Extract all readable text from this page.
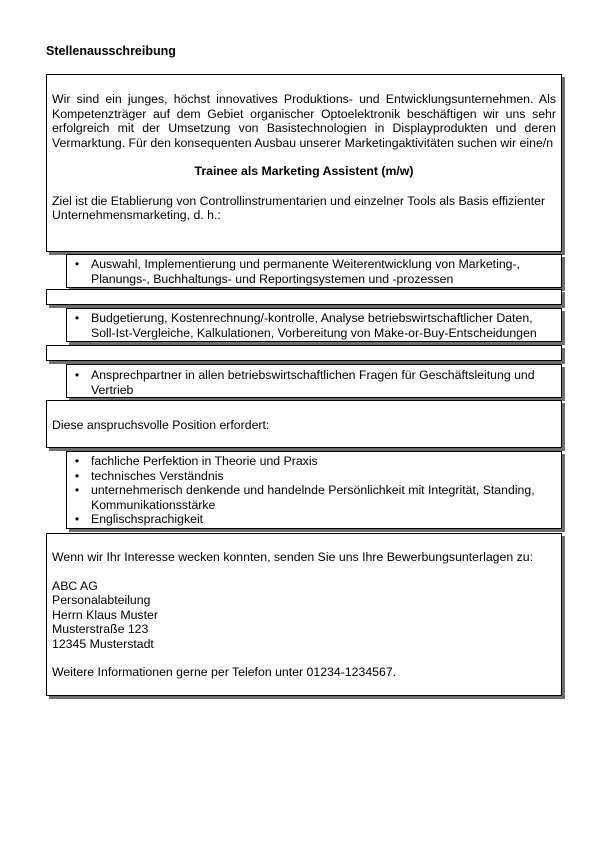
Stellenausschreibung

Wir sind ein junges, höchst innovatives Produktions- und Entwicklungsunternehmen. Als Kompetenzträger auf dem Gebiet organischer Optoelektronik beschäftigen wir uns sehr erfolgreich mit der Umsetzung von Basistechnologien in Displayprodukten und deren Vermarktung. Für den konsequenten Ausbau unserer Marketingaktivitäten suchen wir eine/n

Trainee als Marketing Assistent (m/w)

Ziel ist die Etablierung von Controllinstrumentarien und einzelner Tools als Basis effizienter Unternehmensmarketing, d. h.:

• Auswahl, Implementierung und permanente Weiterentwicklung von Marketing-, Planungs-, Buchhaltungs- und Reportingsystemen und -prozessen
• Budgetierung, Kostenrechnung/-kontrolle, Analyse betriebswirtschaftlicher Daten, Soll-Ist-Vergleiche, Kalkulationen, Vorbereitung von Make-or-Buy-Entscheidungen
• Ansprechpartner in allen betriebswirtschaftlichen Fragen für Geschäftsleitung und Vertrieb

Diese anspruchsvolle Position erfordert:

• fachliche Perfektion in Theorie und Praxis
• technisches Verständnis
• unternehmerisch denkende und handelnde Persönlichkeit mit Integrität, Standing, Kommunikationsstärke
• Englischsprachigkeit

Wenn wir Ihr Interesse wecken konnten, senden Sie uns Ihre Bewerbungsunterlagen zu:

ABC AG

Personalabteilung

Herrn Klaus Muster

Musterstraße 123

12345 Musterstadt

Weitere Informationen gerne per Telefon unter 01234-1234567.
